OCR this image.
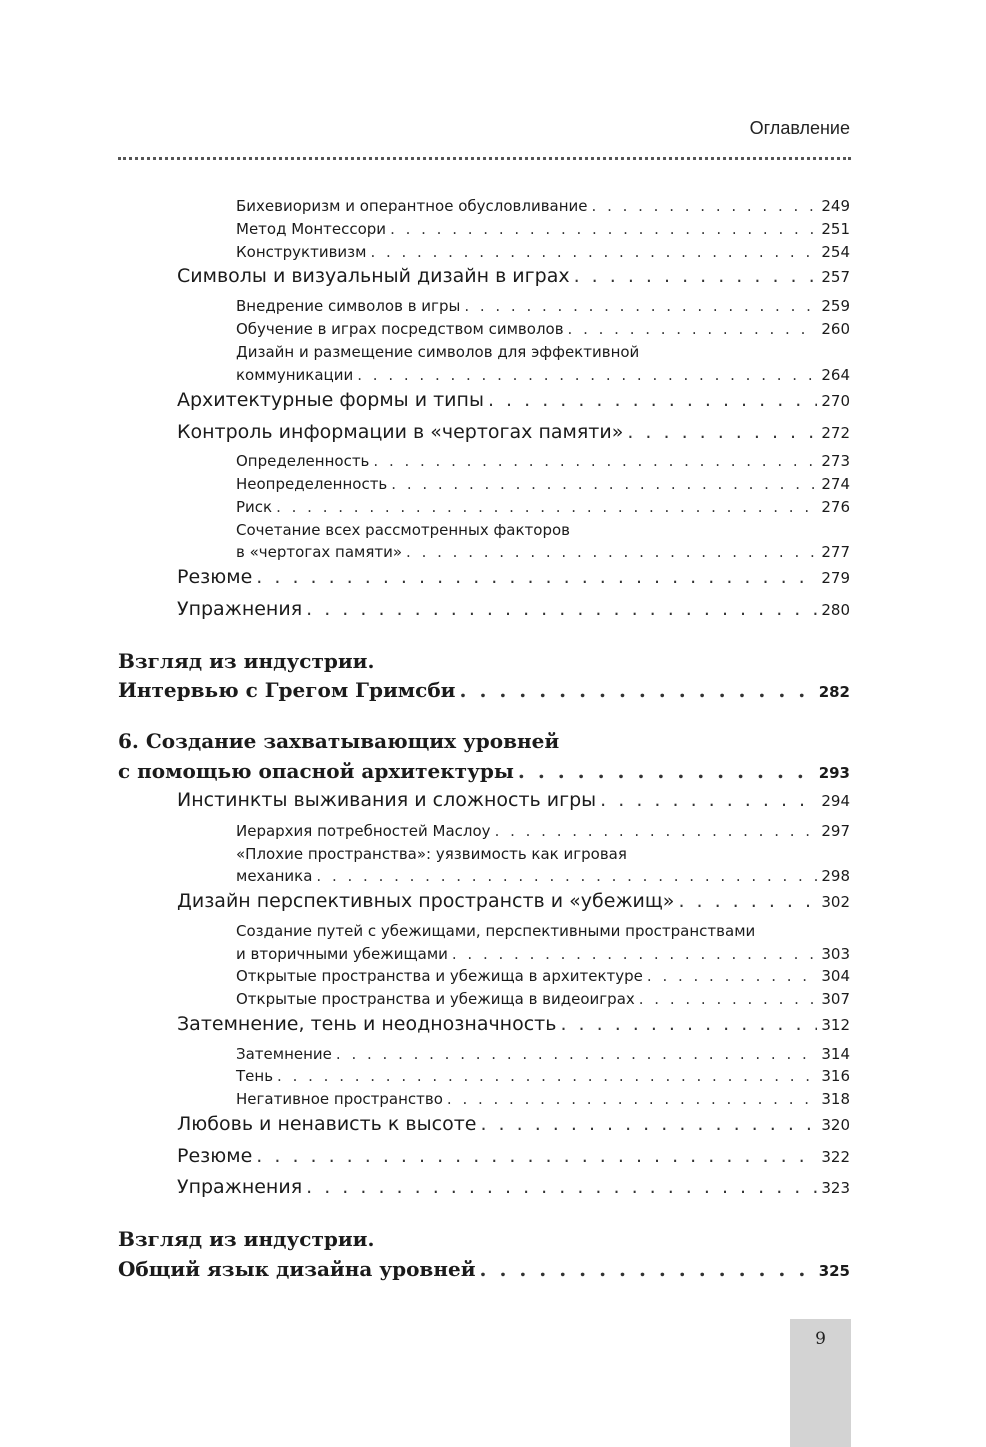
Оглавление
Бихевиоризм и оперантное обусловливание . . .	249
Метод Монтессори . . .	251
Конструктивизм . . .	254
Символы и визуальный дизайн в играх . . .	257
Внедрение символов в игры . . .	259
Обучение в играх посредством символов . . .	260
Дизайн и размещение символов для эффективной
коммуникации . . .	264
Архитектурные формы и типы . . .	270
Контроль информации в «чертогах памяти» . . .	272
Определенность . . .	273
Неопределенность . . .	274
Риск . . .	276
Сочетание всех рассмотренных факторов
в «чертогах памяти» . . .	277
Резюме . . .	279
Упражнения . . .	280
Взгляд из индустрии.
Интервью с Грегом Гримсби . . .	282
6. Создание захватывающих уровней
с помощью опасной архитектуры . . .	293
Инстинкты выживания и сложность игры . . .	294
Иерархия потребностей Маслоу . . .	297
«Плохие пространства»: уязвимость как игровая
механика . . .	298
Дизайн перспективных пространств и «убежищ» . . .	302
Создание путей с убежищами, перспективными пространствами
и вторичными убежищами . . .	303
Открытые пространства и убежища в архитектуре . . .	304
Открытые пространства и убежища в видеоиграх . . .	307
Затемнение, тень и неоднозначность . . .	312
Затемнение . . .	314
Тень . . .	316
Негативное пространство . . .	318
Любовь и ненависть к высоте . . .	320
Резюме . . .	322
Упражнения . . .	323
Взгляд из индустрии.
Общий язык дизайна уровней . . .	325
9
